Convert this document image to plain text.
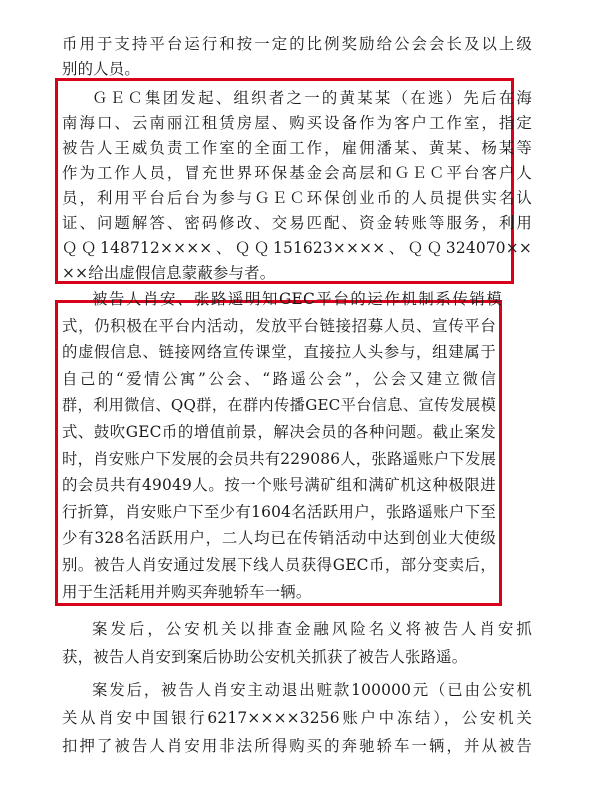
币用于支持平台运行和按一定的比例奖励给公会会长及以上级
别的人员。
ＧＥＣ集团发起、组织者之一的黄某某（在逃）先后在海
南海口、云南丽江租赁房屋、购买设备作为客户工作室，指定
被告人王威负责工作室的全面工作，雇佣潘某、黄某、杨某等
作为工作人员，冒充世界环保基金会高层和ＧＥＣ平台客户人
员，利用平台后台为参与ＧＥＣ环保创业币的人员提供实名认
证、问题解答、密码修改、交易匹配、资金转账等服务，利用
ＱＱ148712××××、ＱＱ151623××××、ＱＱ324070××
××给出虚假信息蒙蔽参与者。
被告人肖安、张路遥明知GEC平台的运作机制系传销模
式，仍积极在平台内活动，发放平台链接招募人员、宣传平台
的虚假信息、链接网络宣传课堂，直接拉人头参与，组建属于
自己的“爱情公寓”公会、“路遥公会”，公会又建立微信
群，利用微信、QQ群，在群内传播GEC平台信息、宣传发展模
式、鼓吹GEC币的增值前景，解决会员的各种问题。截止案发
时，肖安账户下发展的会员共有229086人，张路遥账户下发展
的会员共有49049人。按一个账号满矿组和满矿机这种极限进
行折算，肖安账户下至少有1604名活跃用户，张路遥账户下至
少有328名活跃用户，二人均已在传销活动中达到创业大使级
别。被告人肖安通过发展下线人员获得GEC币，部分变卖后，
用于生活耗用并购买奔驰轿车一辆。
案发后，公安机关以排查金融风险名义将被告人肖安抓
获，被告人肖安到案后协助公安机关抓获了被告人张路遥。
案发后，被告人肖安主动退出赃款100000元（已由公安机
关从肖安中国银行6217××××3256账户中冻结），公安机关
扣押了被告人肖安用非法所得购买的奔驰轿车一辆，并从被告
